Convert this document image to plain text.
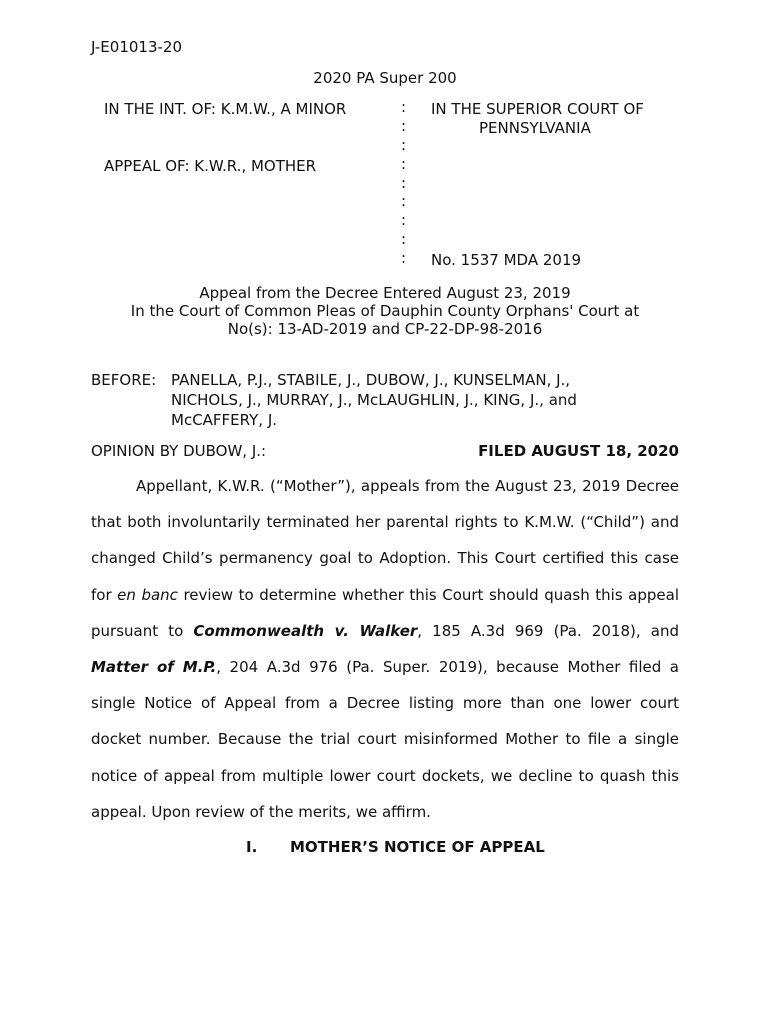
J-E01013-20
2020 PA Super 200
IN THE INT. OF: K.M.W., A MINOR
APPEAL OF: K.W.R., MOTHER
:
:
:
:
:
:
:
:
:
IN THE SUPERIOR COURT OF
PENNSYLVANIA
No. 1537 MDA 2019
Appeal from the Decree Entered August 23, 2019
In the Court of Common Pleas of Dauphin County Orphans' Court at
No(s): 13-AD-2019 and CP-22-DP-98-2016
BEFORE: PANELLA, P.J., STABILE, J., DUBOW, J., KUNSELMAN, J., NICHOLS, J., MURRAY, J., McLAUGHLIN, J., KING, J., and McCAFFERY, J.
OPINION BY DUBOW, J.:	FILED AUGUST 18, 2020

Appellant, K.W.R. (“Mother”), appeals from the August 23, 2019 Decree that both involuntarily terminated her parental rights to K.M.W. (“Child”) and changed Child’s permanency goal to Adoption. This Court certified this case for en banc review to determine whether this Court should quash this appeal pursuant to Commonwealth v. Walker, 185 A.3d 969 (Pa. 2018), and Matter of M.P., 204 A.3d 976 (Pa. Super. 2019), because Mother filed a single Notice of Appeal from a Decree listing more than one lower court docket number. Because the trial court misinformed Mother to file a single notice of appeal from multiple lower court dockets, we decline to quash this appeal. Upon review of the merits, we affirm.

I. MOTHER’S NOTICE OF APPEAL
